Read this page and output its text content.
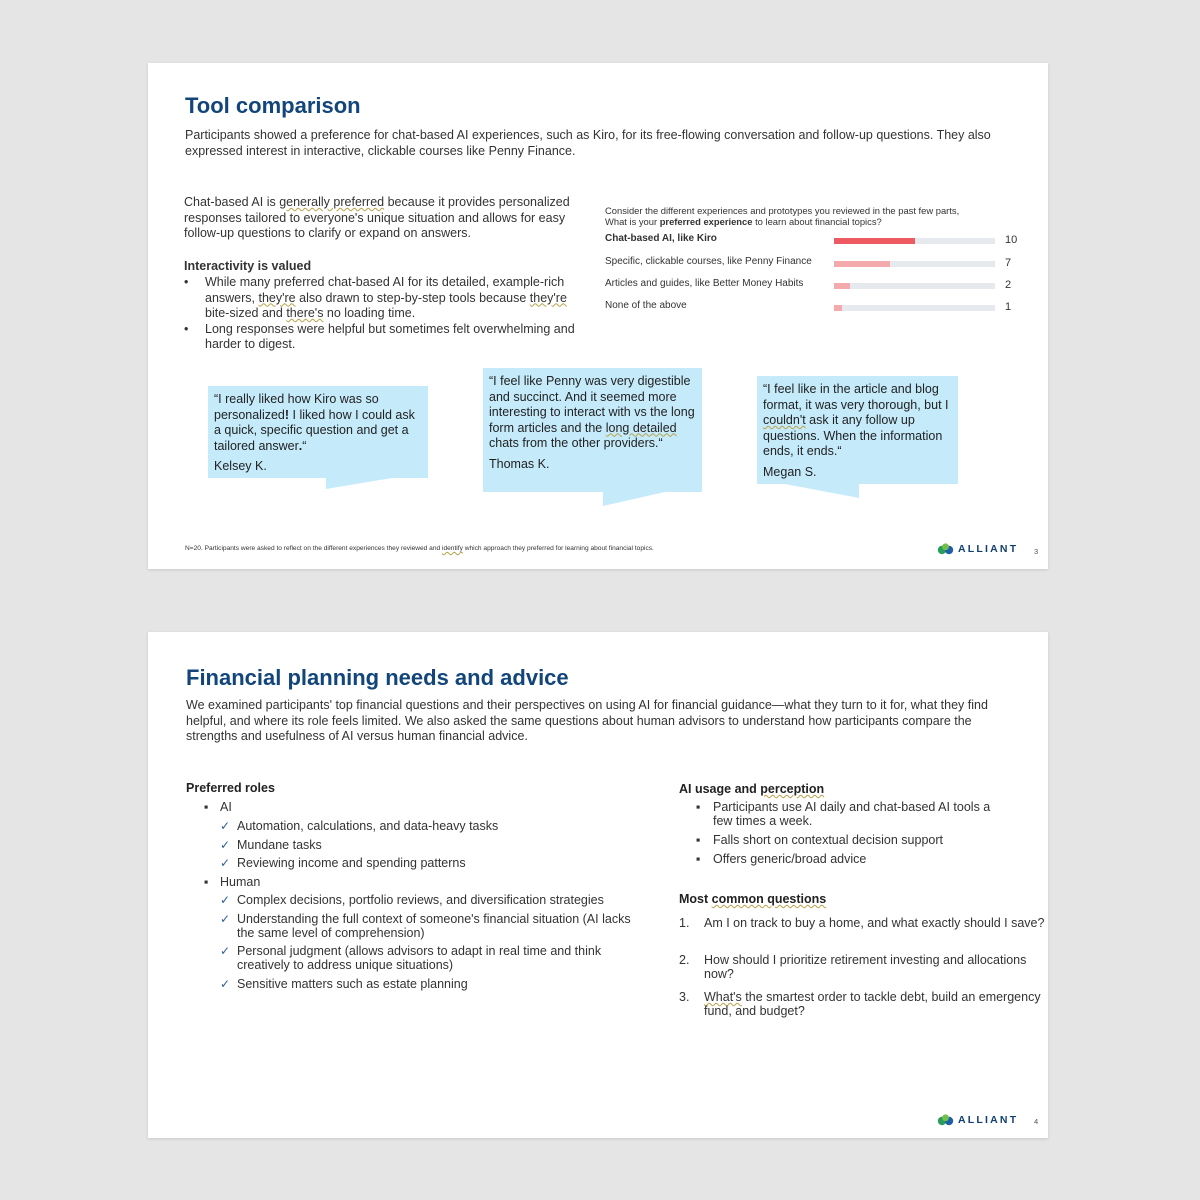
Tool comparison
Participants showed a preference for chat-based AI experiences, such as Kiro, for its free-flowing conversation and follow-up questions. They also expressed interest in interactive, clickable courses like Penny Finance.
Chat-based AI is generally preferred because it provides personalized responses tailored to everyone's unique situation and allows for easy follow-up questions to clarify or expand on answers.
Interactivity is valued
• While many preferred chat-based AI for its detailed, example-rich answers, they're also drawn to step-by-step tools because they're bite-sized and there's no loading time.
• Long responses were helpful but sometimes felt overwhelming and harder to digest.
Consider the different experiences and prototypes you reviewed in the past few parts,
What is your preferred experience to learn about financial topics?
Chat-based AI, like Kiro	10
Specific, clickable courses, like Penny Finance	7
Articles and guides, like Better Money Habits	2
None of the above	1
“I really liked how Kiro was so personalized! I liked how I could ask a quick, specific question and get a tailored answer.“
Kelsey K.
“I feel like Penny was very digestible and succinct. And it seemed more interesting to interact with vs the long form articles and the long detailed chats from the other providers.“
Thomas K.
“I feel like in the article and blog format, it was very thorough, but I couldn't ask it any follow up questions. When the information ends, it ends.“
Megan S.
N=20. Participants were asked to reflect on the different experiences they reviewed and identify which approach they preferred for learning about financial topics.	ALLIANT 3
Financial planning needs and advice
We examined participants' top financial questions and their perspectives on using AI for financial guidance—what they turn to it for, what they find helpful, and where its role feels limited. We also asked the same questions about human advisors to understand how participants compare the strengths and usefulness of AI versus human financial advice.
Preferred roles
▪ AI
✓ Automation, calculations, and data-heavy tasks
✓ Mundane tasks
✓ Reviewing income and spending patterns
▪ Human
✓ Complex decisions, portfolio reviews, and diversification strategies
✓ Understanding the full context of someone's financial situation (AI lacks the same level of comprehension)
✓ Personal judgment (allows advisors to adapt in real time and think creatively to address unique situations)
✓ Sensitive matters such as estate planning
AI usage and perception
▪ Participants use AI daily and chat-based AI tools a few times a week.
▪ Falls short on contextual decision support
▪ Offers generic/broad advice
Most common questions
1. Am I on track to buy a home, and what exactly should I save?
2. How should I prioritize retirement investing and allocations now?
3. What's the smartest order to tackle debt, build an emergency fund, and budget?
ALLIANT 4
